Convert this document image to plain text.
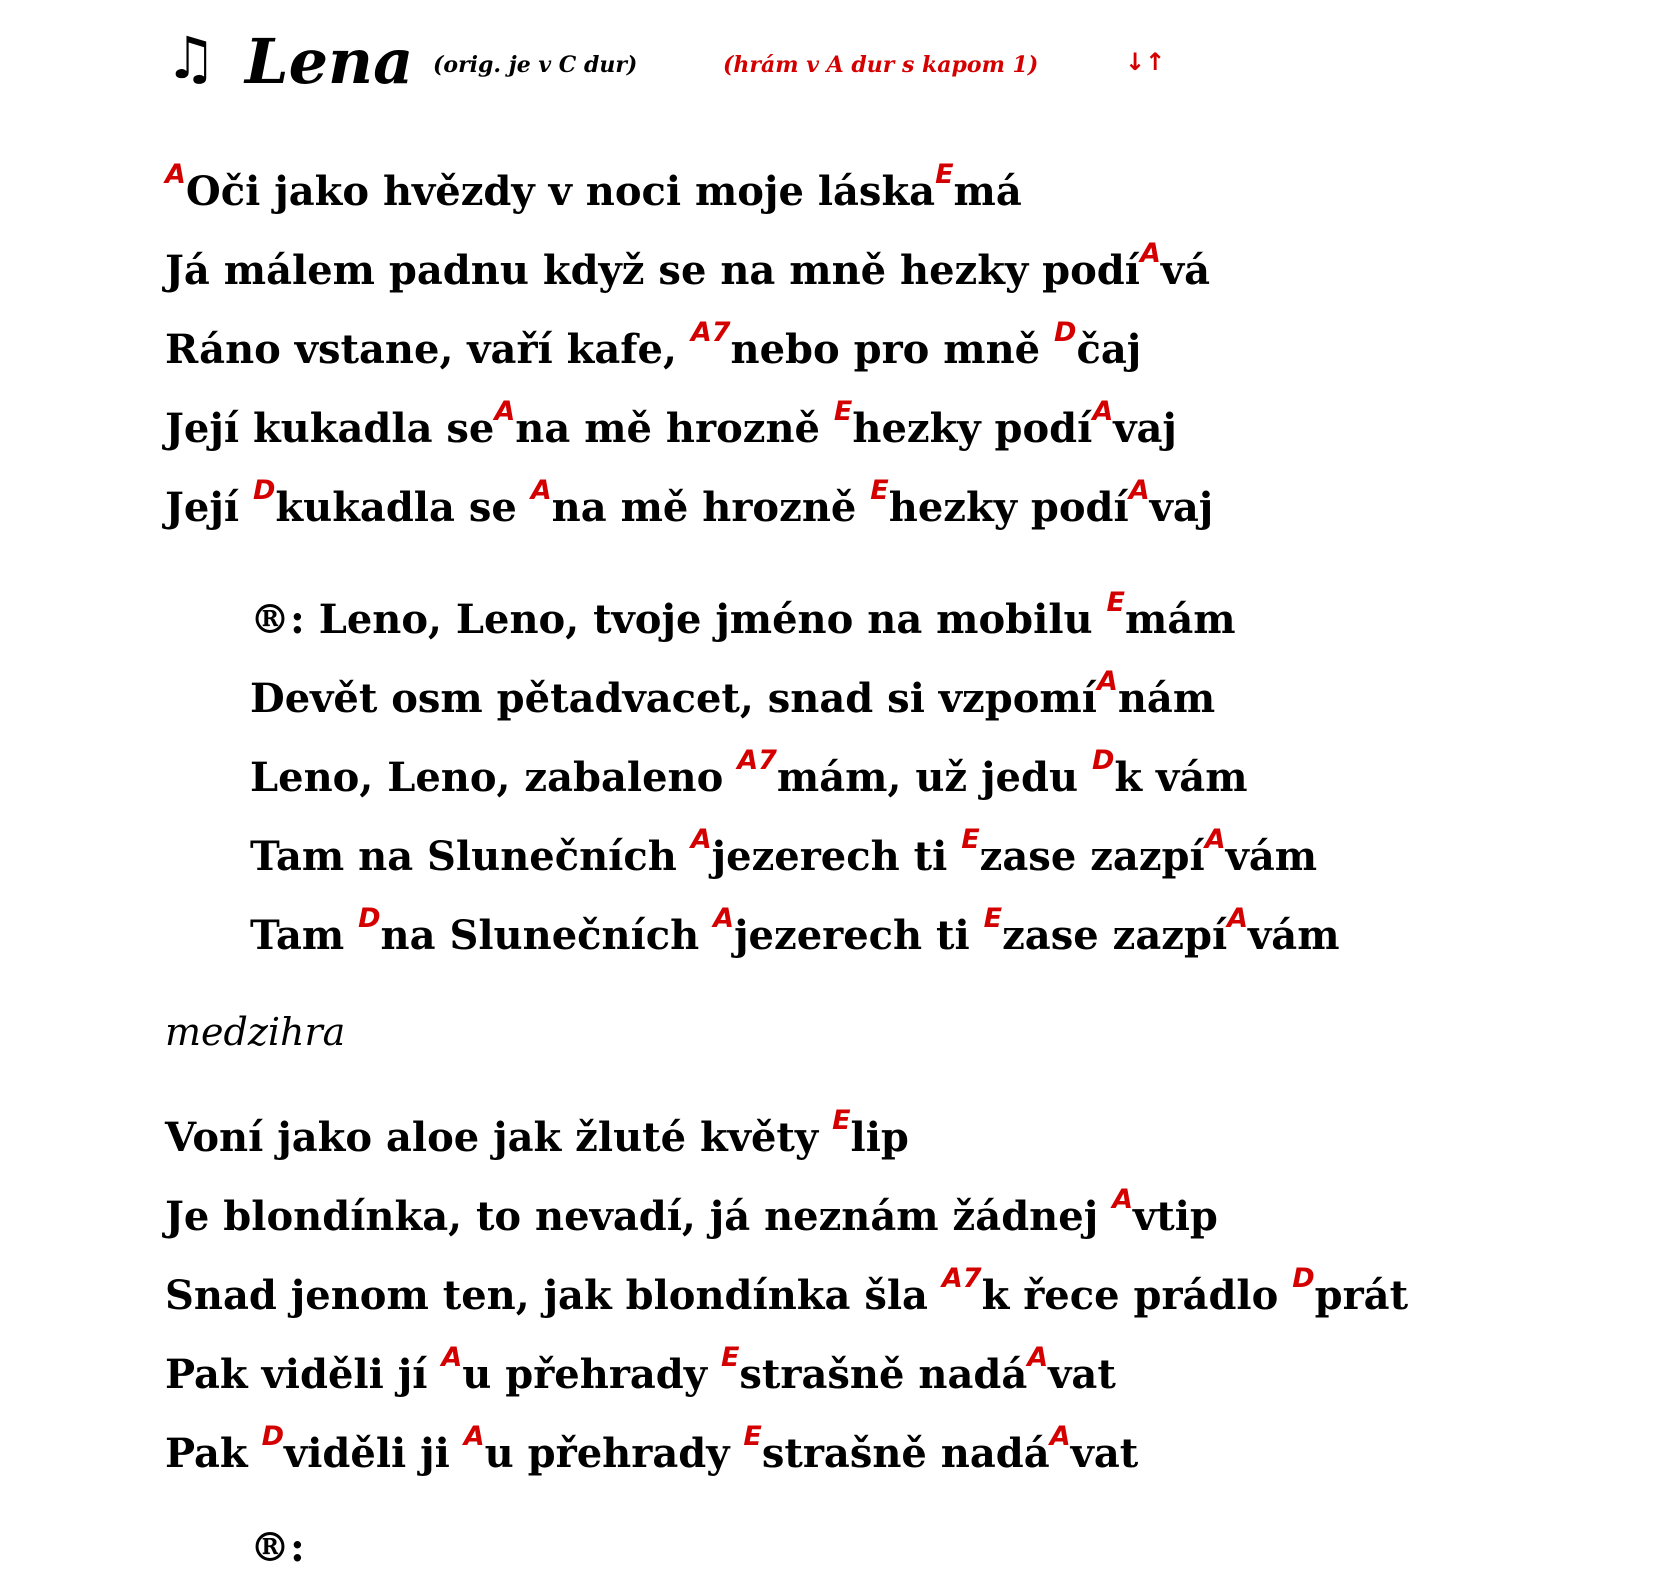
♫ Lena (orig. je v C dur)	(hrám v A dur s kapom 1)	↓↑
$^A$Oči jako hvězdy v noci moje láska$^E$má
Já málem padnu když se na mně hezky podí$^A$vá
Ráno vstane, vaří kafe, $^{A7}$nebo pro mně $^D$čaj
Její kukadla $se^Ana$ mě hrozně $^E$hezky podí$^A$vaj
Její $^D$kukadla se $^A$na mě hrozně $^E$hezky podí$^A$vaj
®: Leno, Leno, tvoje jméno na mobilu $^E$mám
Devět osm pětadvacet, snad si vzpomí$^A$nám
Leno, Leno, zabaleno $^{A7}$mám, už jedu $^D$k vám
Tam na Slunečních $^A$jezerech ti $^E$zase zazpí$^A$vám
Tam $^D$na Slunečních $^A$jezerech ti $^E$zase zazpí$^A$vám
medzihra
Voní jako aloe jak žluté květy $^E$lip
Je blondínka, to nevadí, já neznám žádnej $^A$vtip
Snad jenom ten, jak blondínka šla $^{A7}$k řece prádlo $^D$prát
Pak viděli jí $^A$u přehrady $^E$strašně nadá$^A$vat
Pak $^D$viděli ji $^A$u přehrady $^E$strašně nadá$^A$vat
®:
